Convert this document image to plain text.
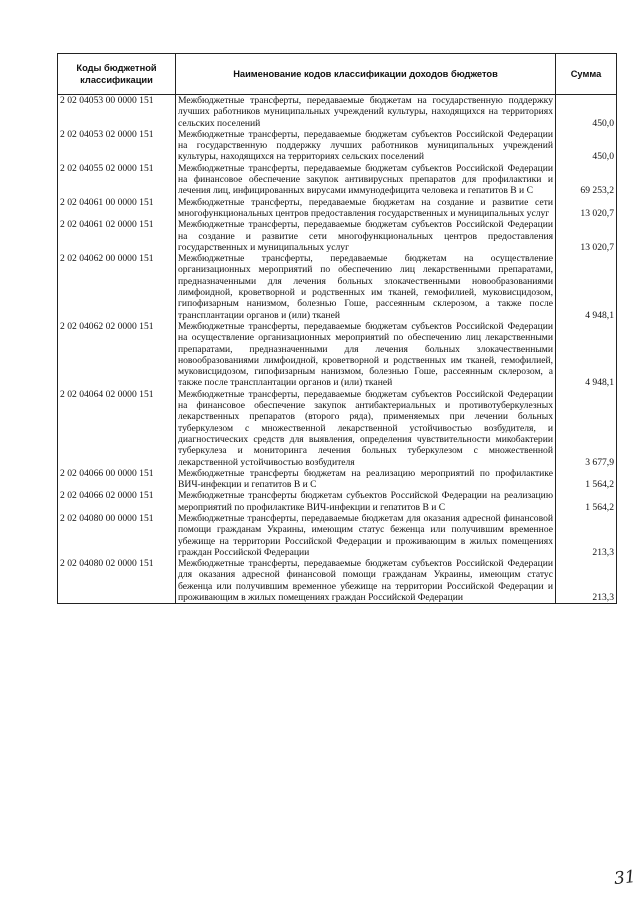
Коды бюджетной классификации	Наименование кодов классификации доходов бюджетов	Сумма
2 02 04053 00 0000 151	Межбюджетные трансферты, передаваемые бюджетам на государственную поддержку лучших работников муниципальных учреждений культуры, находящихся на территориях сельских поселений	450,0
2 02 04053 02 0000 151	Межбюджетные трансферты, передаваемые бюджетам субъектов Российской Федерации на государственную поддержку лучших работников муниципальных учреждений культуры, находящихся на территориях сельских поселений	450,0
2 02 04055 02 0000 151	Межбюджетные трансферты, передаваемые бюджетам субъектов Российской Федерации на финансовое обеспечение закупок антивирусных препаратов для профилактики и лечения лиц, инфицированных вирусами иммунодефицита человека и гепатитов В и С	69 253,2
2 02 04061 00 0000 151	Межбюджетные трансферты, передаваемые бюджетам на создание и развитие сети многофункциональных центров предоставления государственных и муниципальных услуг	13 020,7
2 02 04061 02 0000 151	Межбюджетные трансферты, передаваемые бюджетам субъектов Российской Федерации на создание и развитие сети многофункциональных центров предоставления государственных и муниципальных услуг	13 020,7
2 02 04062 00 0000 151	Межбюджетные трансферты, передаваемые бюджетам на осуществление организационных мероприятий по обеспечению лиц лекарственными препаратами, предназначенными для лечения больных злокачественными новообразованиями лимфоидной, кроветворной и родственных им тканей, гемофилией, муковисцидозом, гипофизарным нанизмом, болезнью Гоше, рассеянным склерозом, а также после трансплантации органов и (или) тканей	4 948,1
2 02 04062 02 0000 151	Межбюджетные трансферты, передаваемые бюджетам субъектов Российской Федерации на осуществление организационных мероприятий по обеспечению лиц лекарственными препаратами, предназначенными для лечения больных злокачественными новообразованиями лимфоидной, кроветворной и родственных им тканей, гемофилией, муковисцидозом, гипофизарным нанизмом, болезнью Гоше, рассеянным склерозом, а также после трансплантации органов и (или) тканей	4 948,1
2 02 04064 02 0000 151	Межбюджетные трансферты, передаваемые бюджетам субъектов Российской Федерации на финансовое обеспечение закупок антибактериальных и противотуберкулезных лекарственных препаратов (второго ряда), применяемых при лечении больных туберкулезом с множественной лекарственной устойчивостью возбудителя, и диагностических средств для выявления, определения чувствительности микобактерии туберкулеза и мониторинга лечения больных туберкулезом с множественной лекарственной устойчивостью возбудителя	3 677,9
2 02 04066 00 0000 151	Межбюджетные трансферты бюджетам на реализацию мероприятий по профилактике ВИЧ-инфекции и гепатитов В и С	1 564,2
2 02 04066 02 0000 151	Межбюджетные трансферты бюджетам субъектов Российской Федерации на реализацию мероприятий по профилактике ВИЧ-инфекции и гепатитов В и С	1 564,2
2 02 04080 00 0000 151	Межбюджетные трансферты, передаваемые бюджетам для оказания адресной финансовой помощи гражданам Украины, имеющим статус беженца или получившим временное убежище на территории Российской Федерации и проживающим в жилых помещениях граждан Российской Федерации	213,3
2 02 04080 02 0000 151	Межбюджетные трансферты, передаваемые бюджетам субъектов Российской Федерации для оказания адресной финансовой помощи гражданам Украины, имеющим статус беженца или получившим временное убежище на территории Российской Федерации и проживающим в жилых помещениях граждан Российской Федерации	213,3
31
